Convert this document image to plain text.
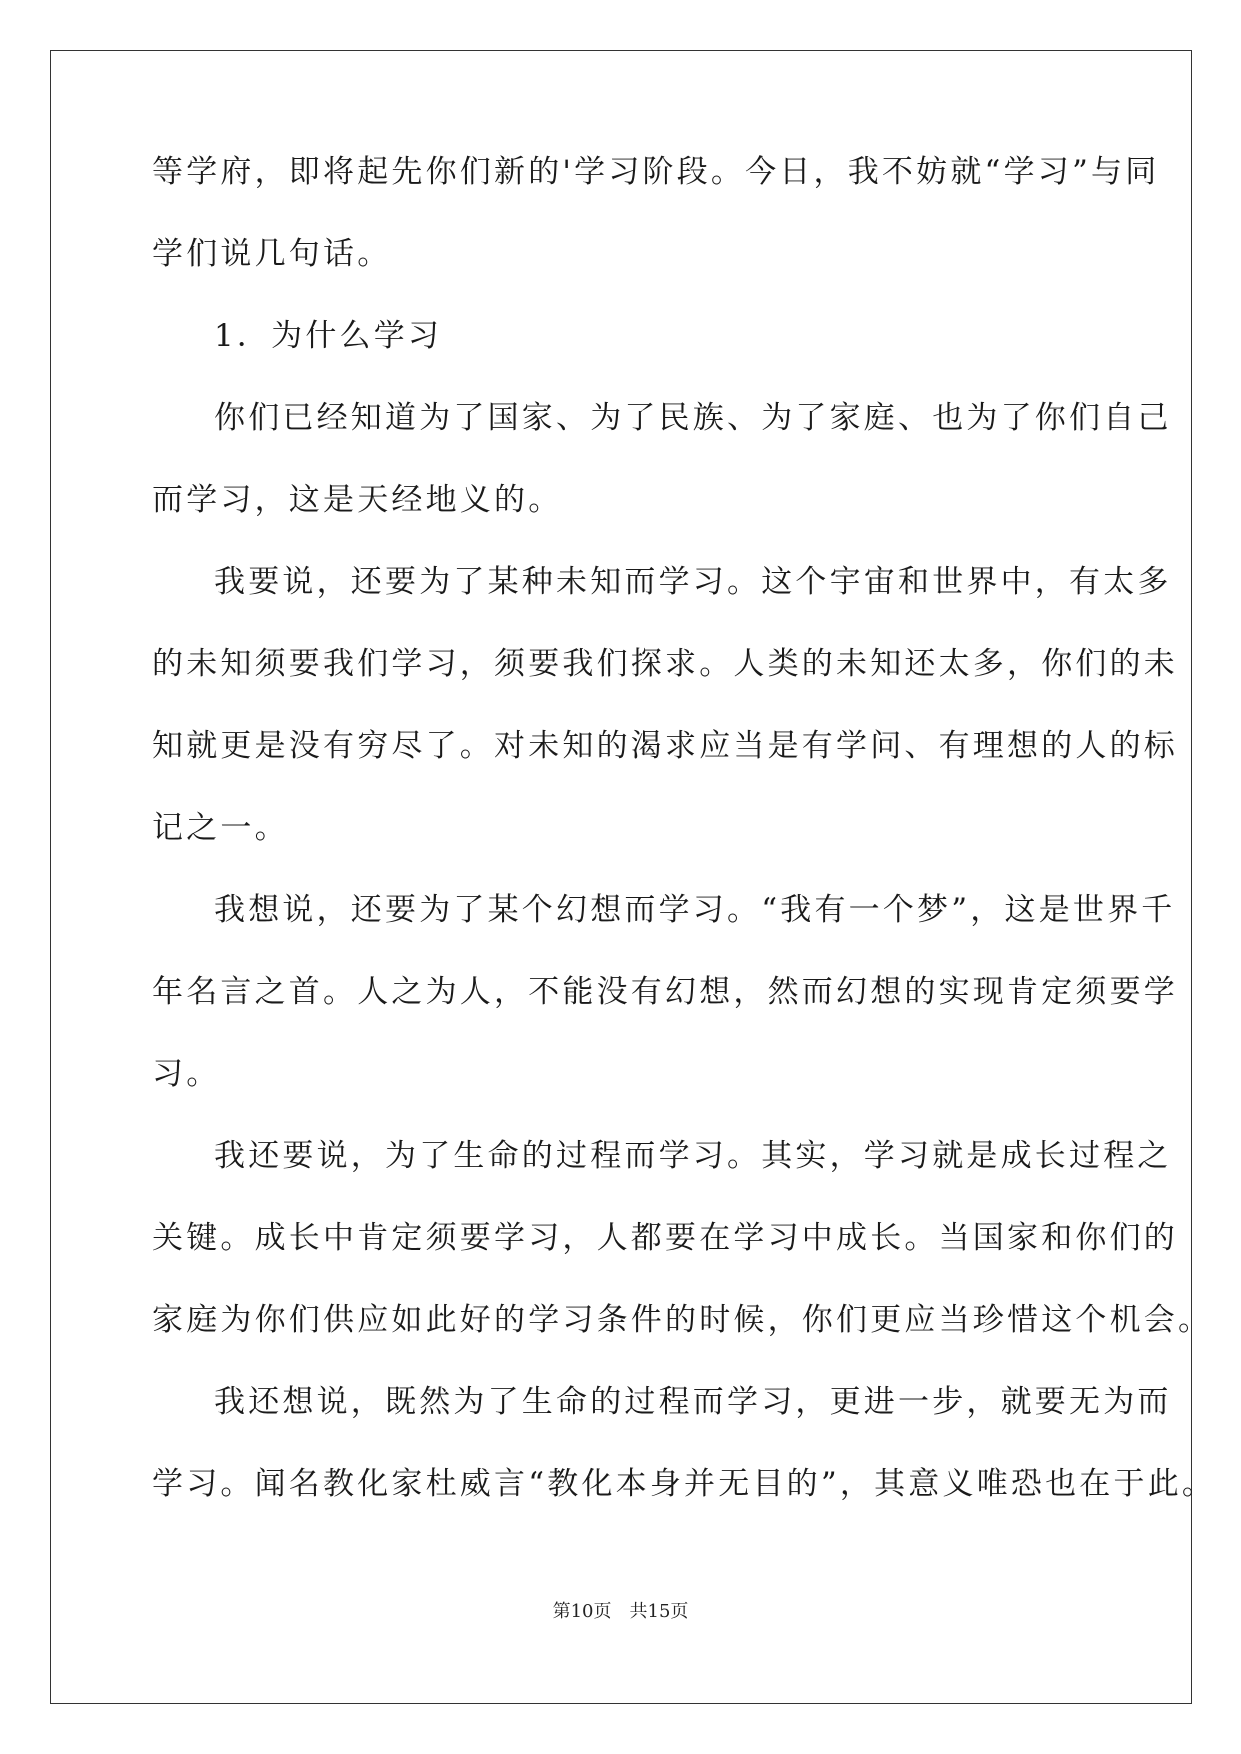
等学府，即将起先你们新的'学习阶段。今日，我不妨就“学习”与同
学们说几句话。
1．为什么学习
你们已经知道为了国家、为了民族、为了家庭、也为了你们自己
而学习，这是天经地义的。
我要说，还要为了某种未知而学习。这个宇宙和世界中，有太多
的未知须要我们学习，须要我们探求。人类的未知还太多，你们的未
知就更是没有穷尽了。对未知的渴求应当是有学问、有理想的人的标
记之一。
我想说，还要为了某个幻想而学习。“我有一个梦”，这是世界千
年名言之首。人之为人，不能没有幻想，然而幻想的实现肯定须要学
习。
我还要说，为了生命的过程而学习。其实，学习就是成长过程之
关键。成长中肯定须要学习，人都要在学习中成长。当国家和你们的
家庭为你们供应如此好的学习条件的时候，你们更应当珍惜这个机会。
我还想说，既然为了生命的过程而学习，更进一步，就要无为而
学习。闻名教化家杜威言“教化本身并无目的”，其意义唯恐也在于此。
第10页 共15页
